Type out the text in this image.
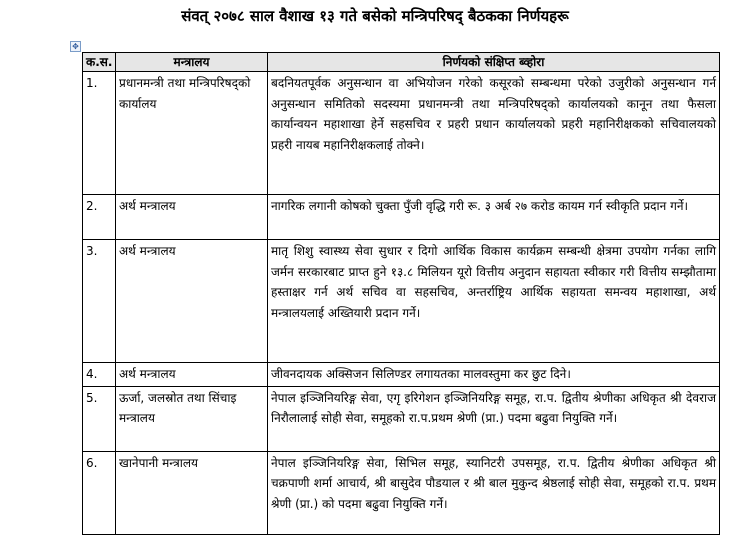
संवत् २०७८ साल वैशाख १३ गते बसेको मन्त्रिपरिषद् बैठकका निर्णयहरू
✥
क.स.	मन्त्रालय	निर्णयको संक्षिप्त ब्व्होरा
1.	प्रधानमन्त्री तथा मन्त्रिपरिषद्को कार्यालय	बदनियतपूर्वक अनुसन्धान वा अभियोजन गरेको कसूरको सम्बन्धमा परेको उजुरीको अनुसन्धान गर्न अनुसन्धान समितिको सदस्यमा प्रधानमन्त्री तथा मन्त्रिपरिषद्को कार्यालयको कानून तथा फैसला कार्यान्वयन महाशाखा हेर्ने सहसचिव र प्रहरी प्रधान कार्यालयको प्रहरी महानिरीक्षकको सचिवालयको प्रहरी नायब महानिरीक्षकलाई तोक्ने।
2.	अर्थ मन्त्रालय	नागरिक लगानी कोषको चुक्ता पुँजी वृद्धि गरी रू. ३ अर्ब २७ करोड कायम गर्न स्वीकृति प्रदान गर्ने।
3.	अर्थ मन्त्रालय	मातृ शिशु स्वास्थ्य सेवा सुधार र दिगो आर्थिक विकास कार्यक्रम सम्बन्धी क्षेत्रमा उपयोग गर्नका लागि जर्मन सरकारबाट प्राप्त हुने १३.८ मिलियन यूरो वित्तीय अनुदान सहायता स्वीकार गरी वित्तीय सम्झौतामा हस्ताक्षर गर्न अर्थ सचिव वा सहसचिव, अन्तर्राष्ट्रिय आर्थिक सहायता समन्वय महाशाखा, अर्थ मन्त्रालयलाई अख्तियारी प्रदान गर्ने।
4.	अर्थ मन्त्रालय	जीवनदायक अक्सिजन सिलिण्डर लगायतका मालवस्तुमा कर छुट दिने।
5.	ऊर्जा, जलस्रोत तथा सिंचाइ मन्त्रालय	नेपाल इञ्जिनियरिङ्ग सेवा, एगृ इरिगेशन इञ्जिनियरिङ्ग समूह, रा.प. द्वितीय श्रेणीका अधिकृत श्री देवराज निरौलालाई सोही सेवा, समूहको रा.प.प्रथम श्रेणी (प्रा.) पदमा बढुवा नियुक्ति गर्ने।
6.	खानेपानी मन्त्रालय	नेपाल इञ्जिनियरिङ्ग सेवा, सिभिल समूह, स्यानिटरी उपसमूह, रा.प. द्वितीय श्रेणीका अधिकृत श्री चक्रपाणी शर्मा आचार्य, श्री बासुदेव पौडयाल र श्री बाल मुकुन्द श्रेष्ठलाई सोही सेवा, समूहको रा.प. प्रथम श्रेणी (प्रा.) को पदमा बढुवा नियुक्ति गर्ने।
